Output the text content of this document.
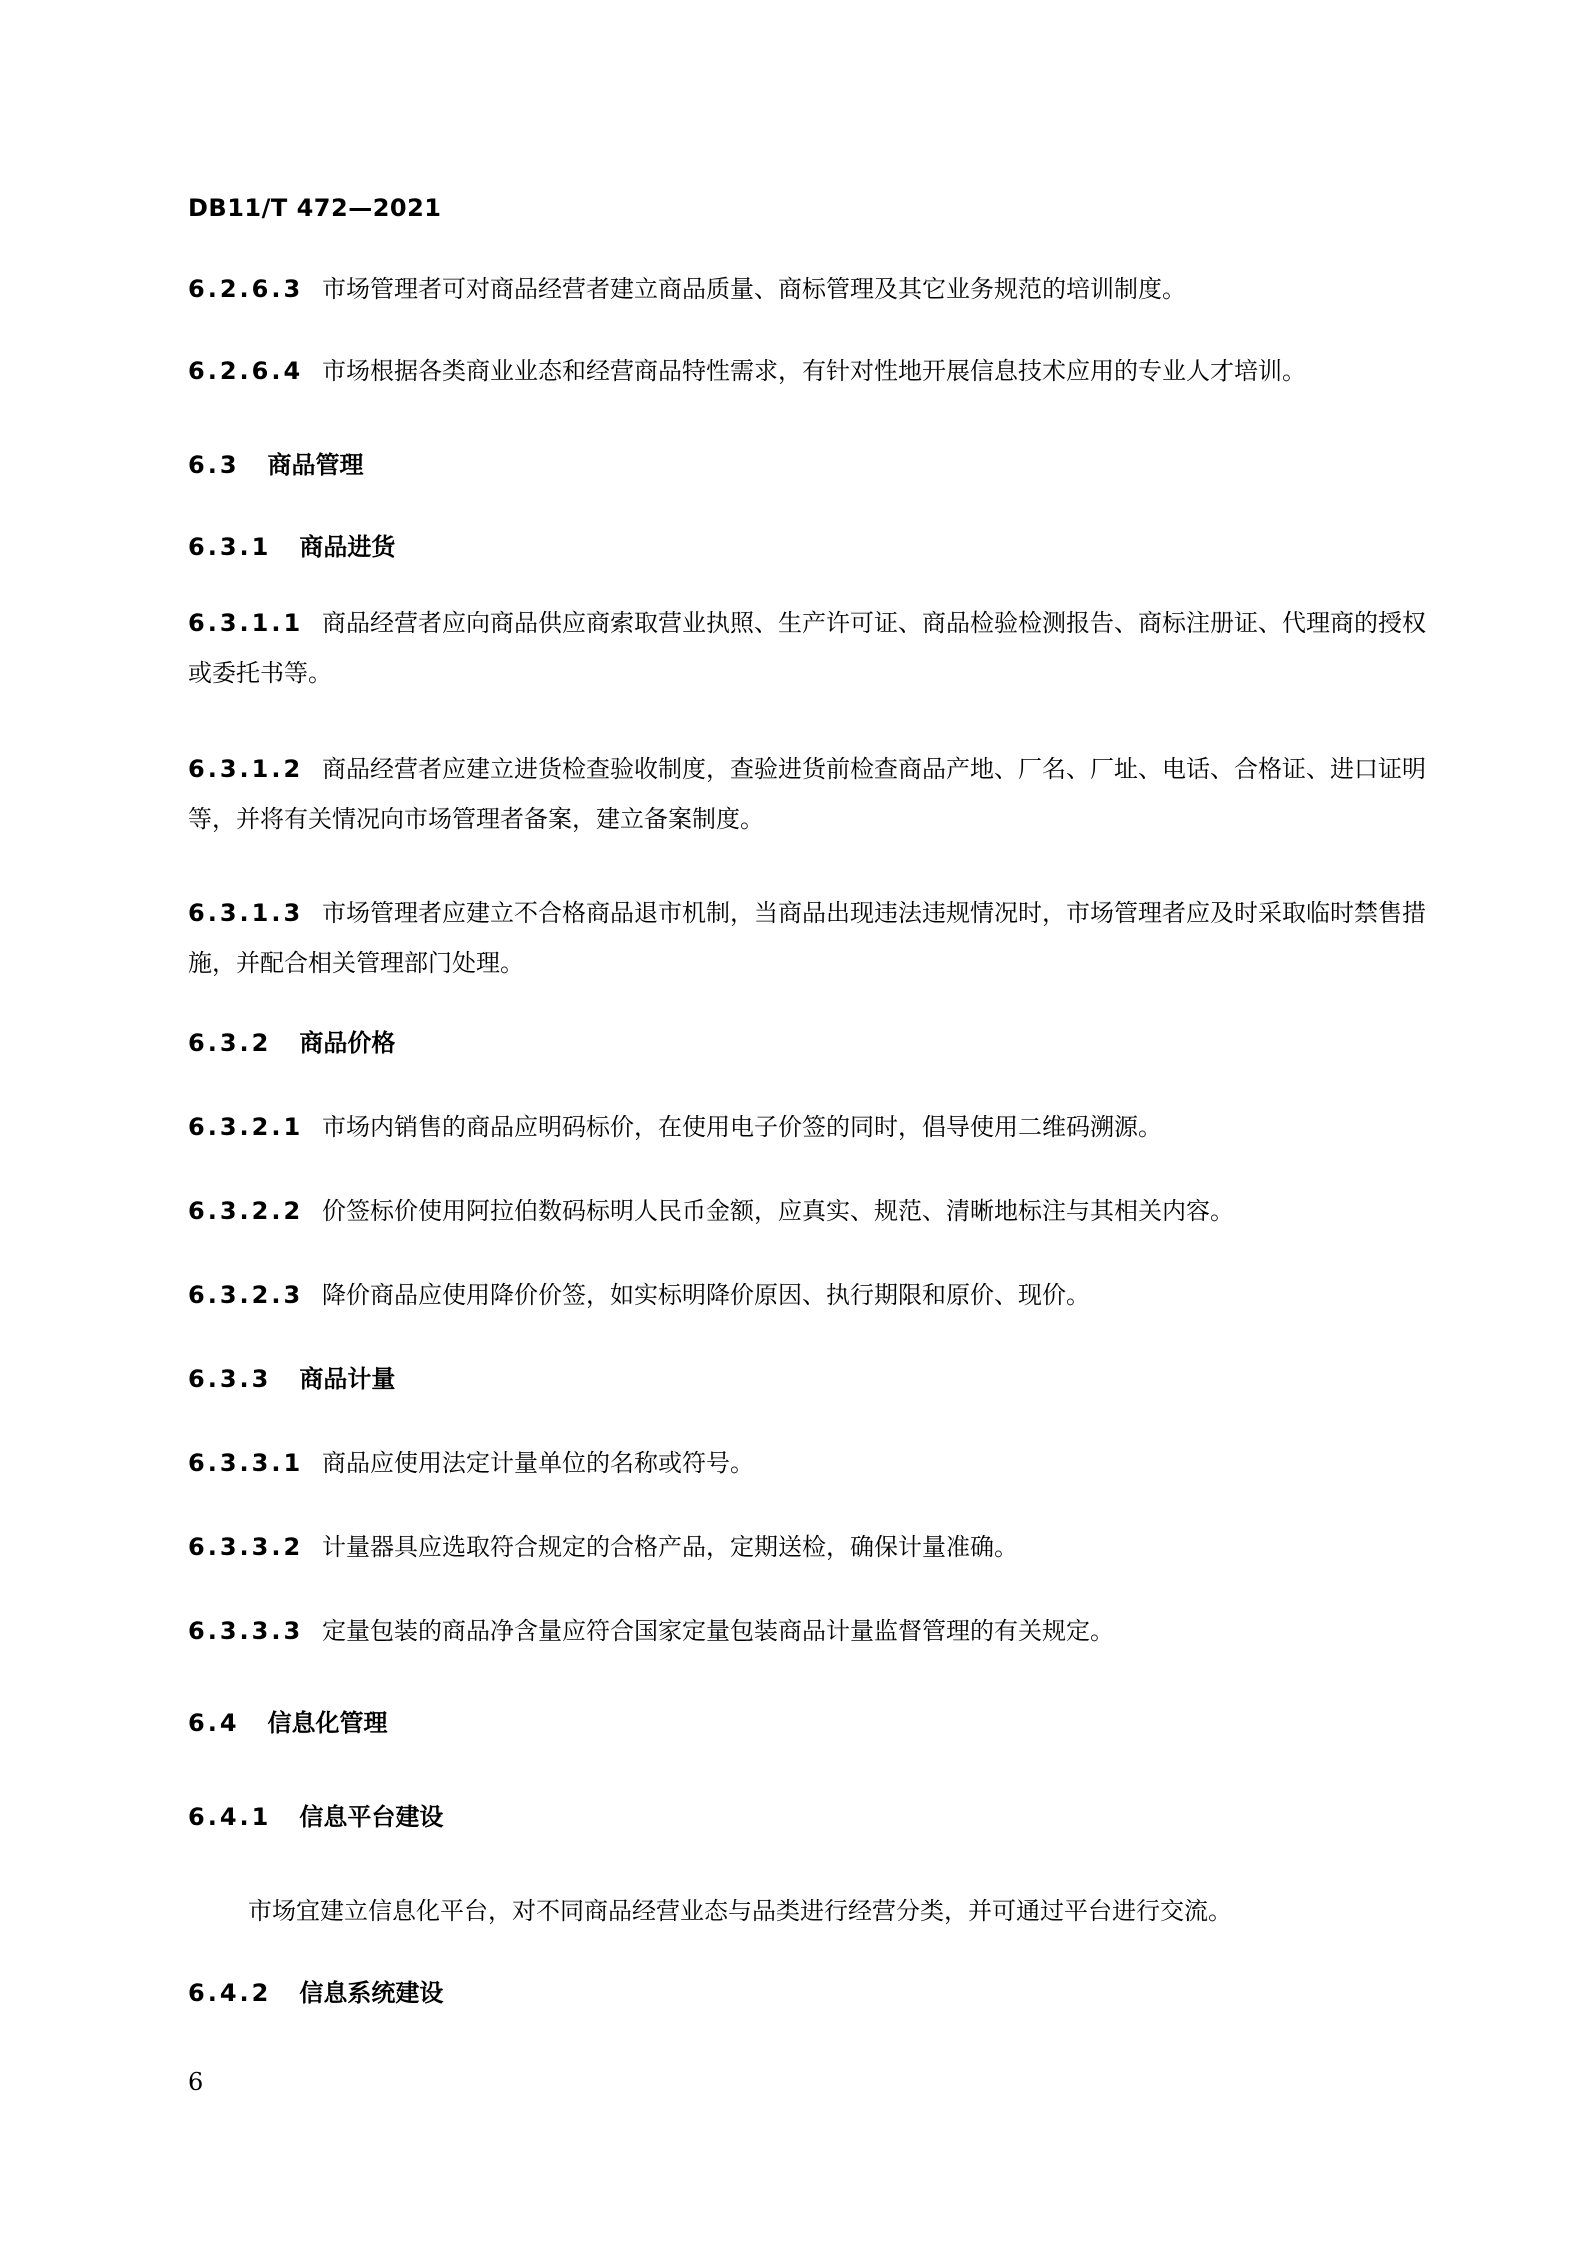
DB11/T 472—2021
6.2.6.3 市场管理者可对商品经营者建立商品质量、商标管理及其它业务规范的培训制度。
6.2.6.4 市场根据各类商业业态和经营商品特性需求，有针对性地开展信息技术应用的专业人才培训。
6.3 商品管理
6.3.1 商品进货
6.3.1.1 商品经营者应向商品供应商索取营业执照、生产许可证、商品检验检测报告、商标注册证、代理商的授权或委托书等。
6.3.1.2 商品经营者应建立进货检查验收制度，查验进货前检查商品产地、厂名、厂址、电话、合格证、进口证明等，并将有关情况向市场管理者备案，建立备案制度。
6.3.1.3 市场管理者应建立不合格商品退市机制，当商品出现违法违规情况时，市场管理者应及时采取临时禁售措施，并配合相关管理部门处理。
6.3.2 商品价格
6.3.2.1 市场内销售的商品应明码标价，在使用电子价签的同时，倡导使用二维码溯源。
6.3.2.2 价签标价使用阿拉伯数码标明人民币金额，应真实、规范、清晰地标注与其相关内容。
6.3.2.3 降价商品应使用降价价签，如实标明降价原因、执行期限和原价、现价。
6.3.3 商品计量
6.3.3.1 商品应使用法定计量单位的名称或符号。
6.3.3.2 计量器具应选取符合规定的合格产品，定期送检，确保计量准确。
6.3.3.3 定量包装的商品净含量应符合国家定量包装商品计量监督管理的有关规定。
6.4 信息化管理
6.4.1 信息平台建设
市场宜建立信息化平台，对不同商品经营业态与品类进行经营分类，并可通过平台进行交流。
6.4.2 信息系统建设
6
